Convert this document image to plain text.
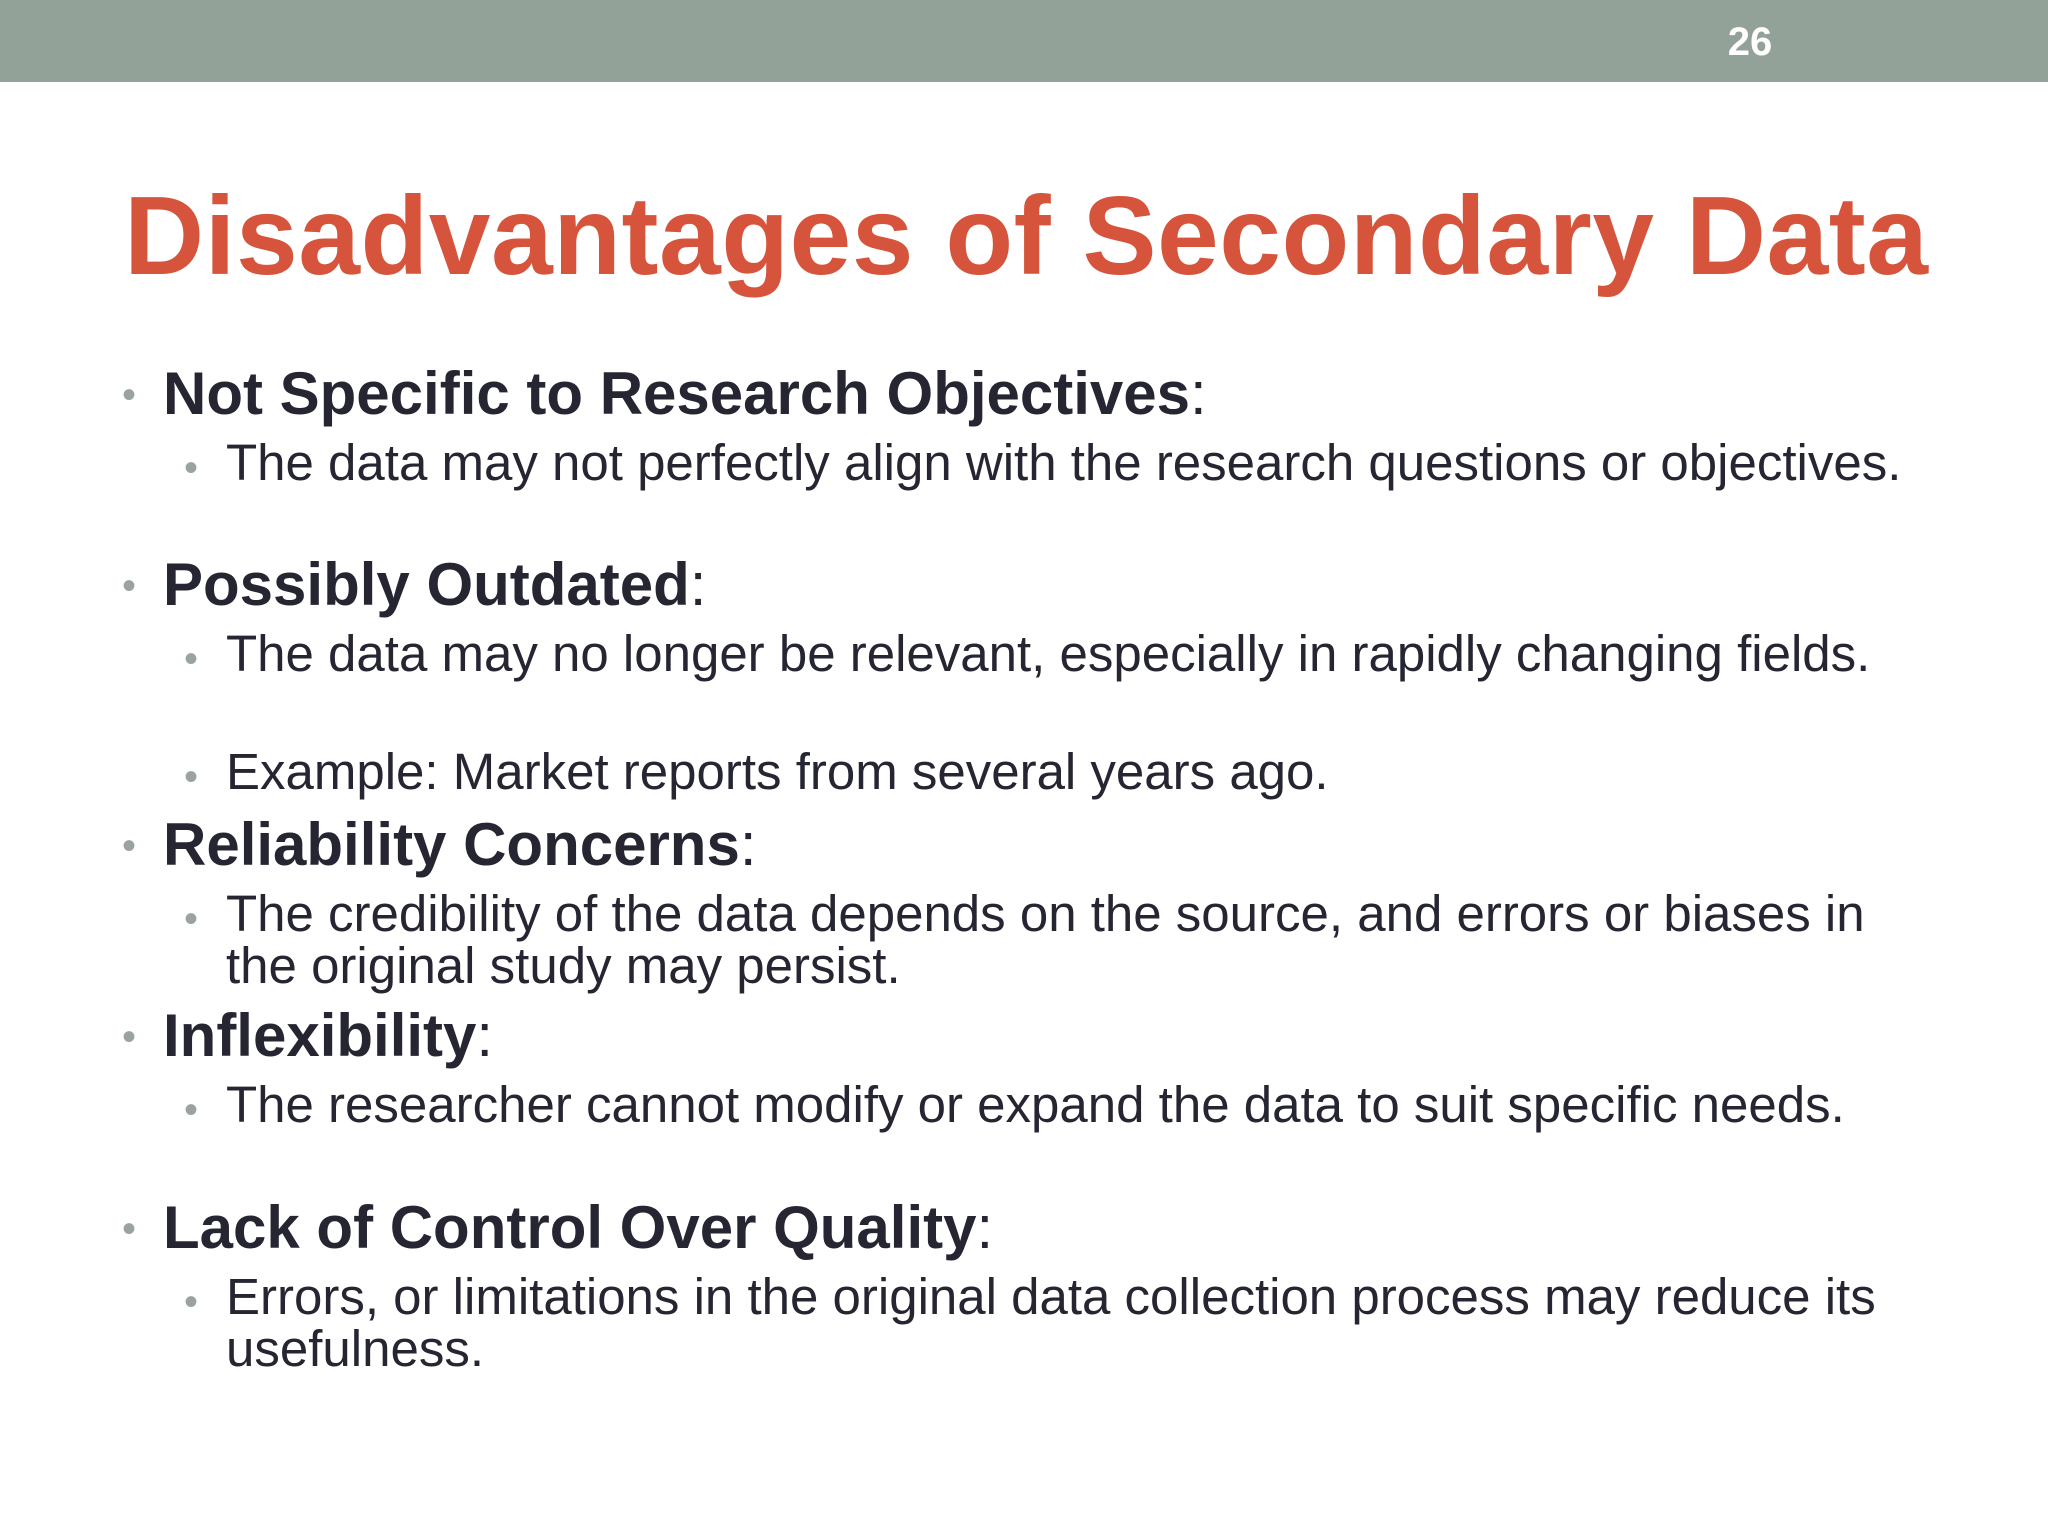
26
Disadvantages of Secondary Data
• Not Specific to Research Objectives:
• The data may not perfectly align with the research questions or objectives.
• Possibly Outdated:
• The data may no longer be relevant, especially in rapidly changing fields.
• Example: Market reports from several years ago.
• Reliability Concerns:
• The credibility of the data depends on the source, and errors or biases in the original study may persist.
• Inflexibility:
• The researcher cannot modify or expand the data to suit specific needs.
• Lack of Control Over Quality:
• Errors, or limitations in the original data collection process may reduce its usefulness.
